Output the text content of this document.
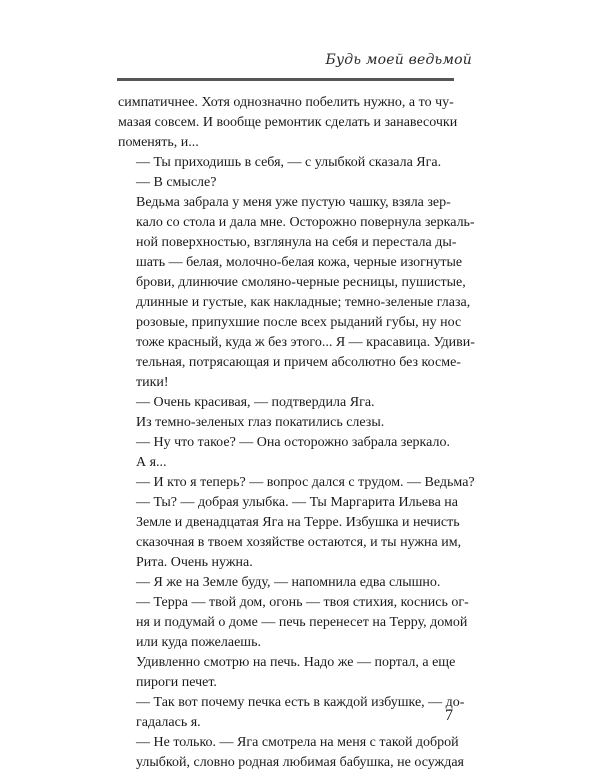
Будь моей ведьмой

симпатичнее. Хотя однозначно побелить нужно, а то чу-
мазая совсем. И вообще ремонтик сделать и занавесочки
поменять, и...

— Ты приходишь в себя, — с улыбкой сказала Яга.

— В смысле?

Ведьма забрала у меня уже пустую чашку, взяла зер-
кало со стола и дала мне. Осторожно повернула зеркаль-
ной поверхностью, взглянула на себя и перестала ды-
шать — белая, молочно-белая кожа, черные изогнутые
брови, длинючие смоляно-черные ресницы, пушистые,
длинные и густые, как накладные; темно-зеленые глаза,
розовые, припухшие после всех рыданий губы, ну нос
тоже красный, куда ж без этого... Я — красавица. Удиви-
тельная, потрясающая и причем абсолютно без косме-
тики!

— Очень красивая, — подтвердила Яга.

Из темно-зеленых глаз покатились слезы.

— Ну что такое? — Она осторожно забрала зеркало.

А я...

— И кто я теперь? — вопрос дался с трудом. — Ведьма?

— Ты? — добрая улыбка. — Ты Маргарита Ильева на
Земле и двенадцатая Яга на Терре. Избушка и нечисть
сказочная в твоем хозяйстве остаются, и ты нужна им,
Рита. Очень нужна.

— Я же на Земле буду, — напомнила едва слышно.

— Терра — твой дом, огонь — твоя стихия, коснись ог-
ня и подумай о доме — печь перенесет на Терру, домой
или куда пожелаешь.

Удивленно смотрю на печь. Надо же — портал, а еще
пироги печет.

— Так вот почему печка есть в каждой избушке, — до-
гадалась я.

— Не только. — Яга смотрела на меня с такой доброй
улыбкой, словно родная любимая бабушка, не осуждая

7
